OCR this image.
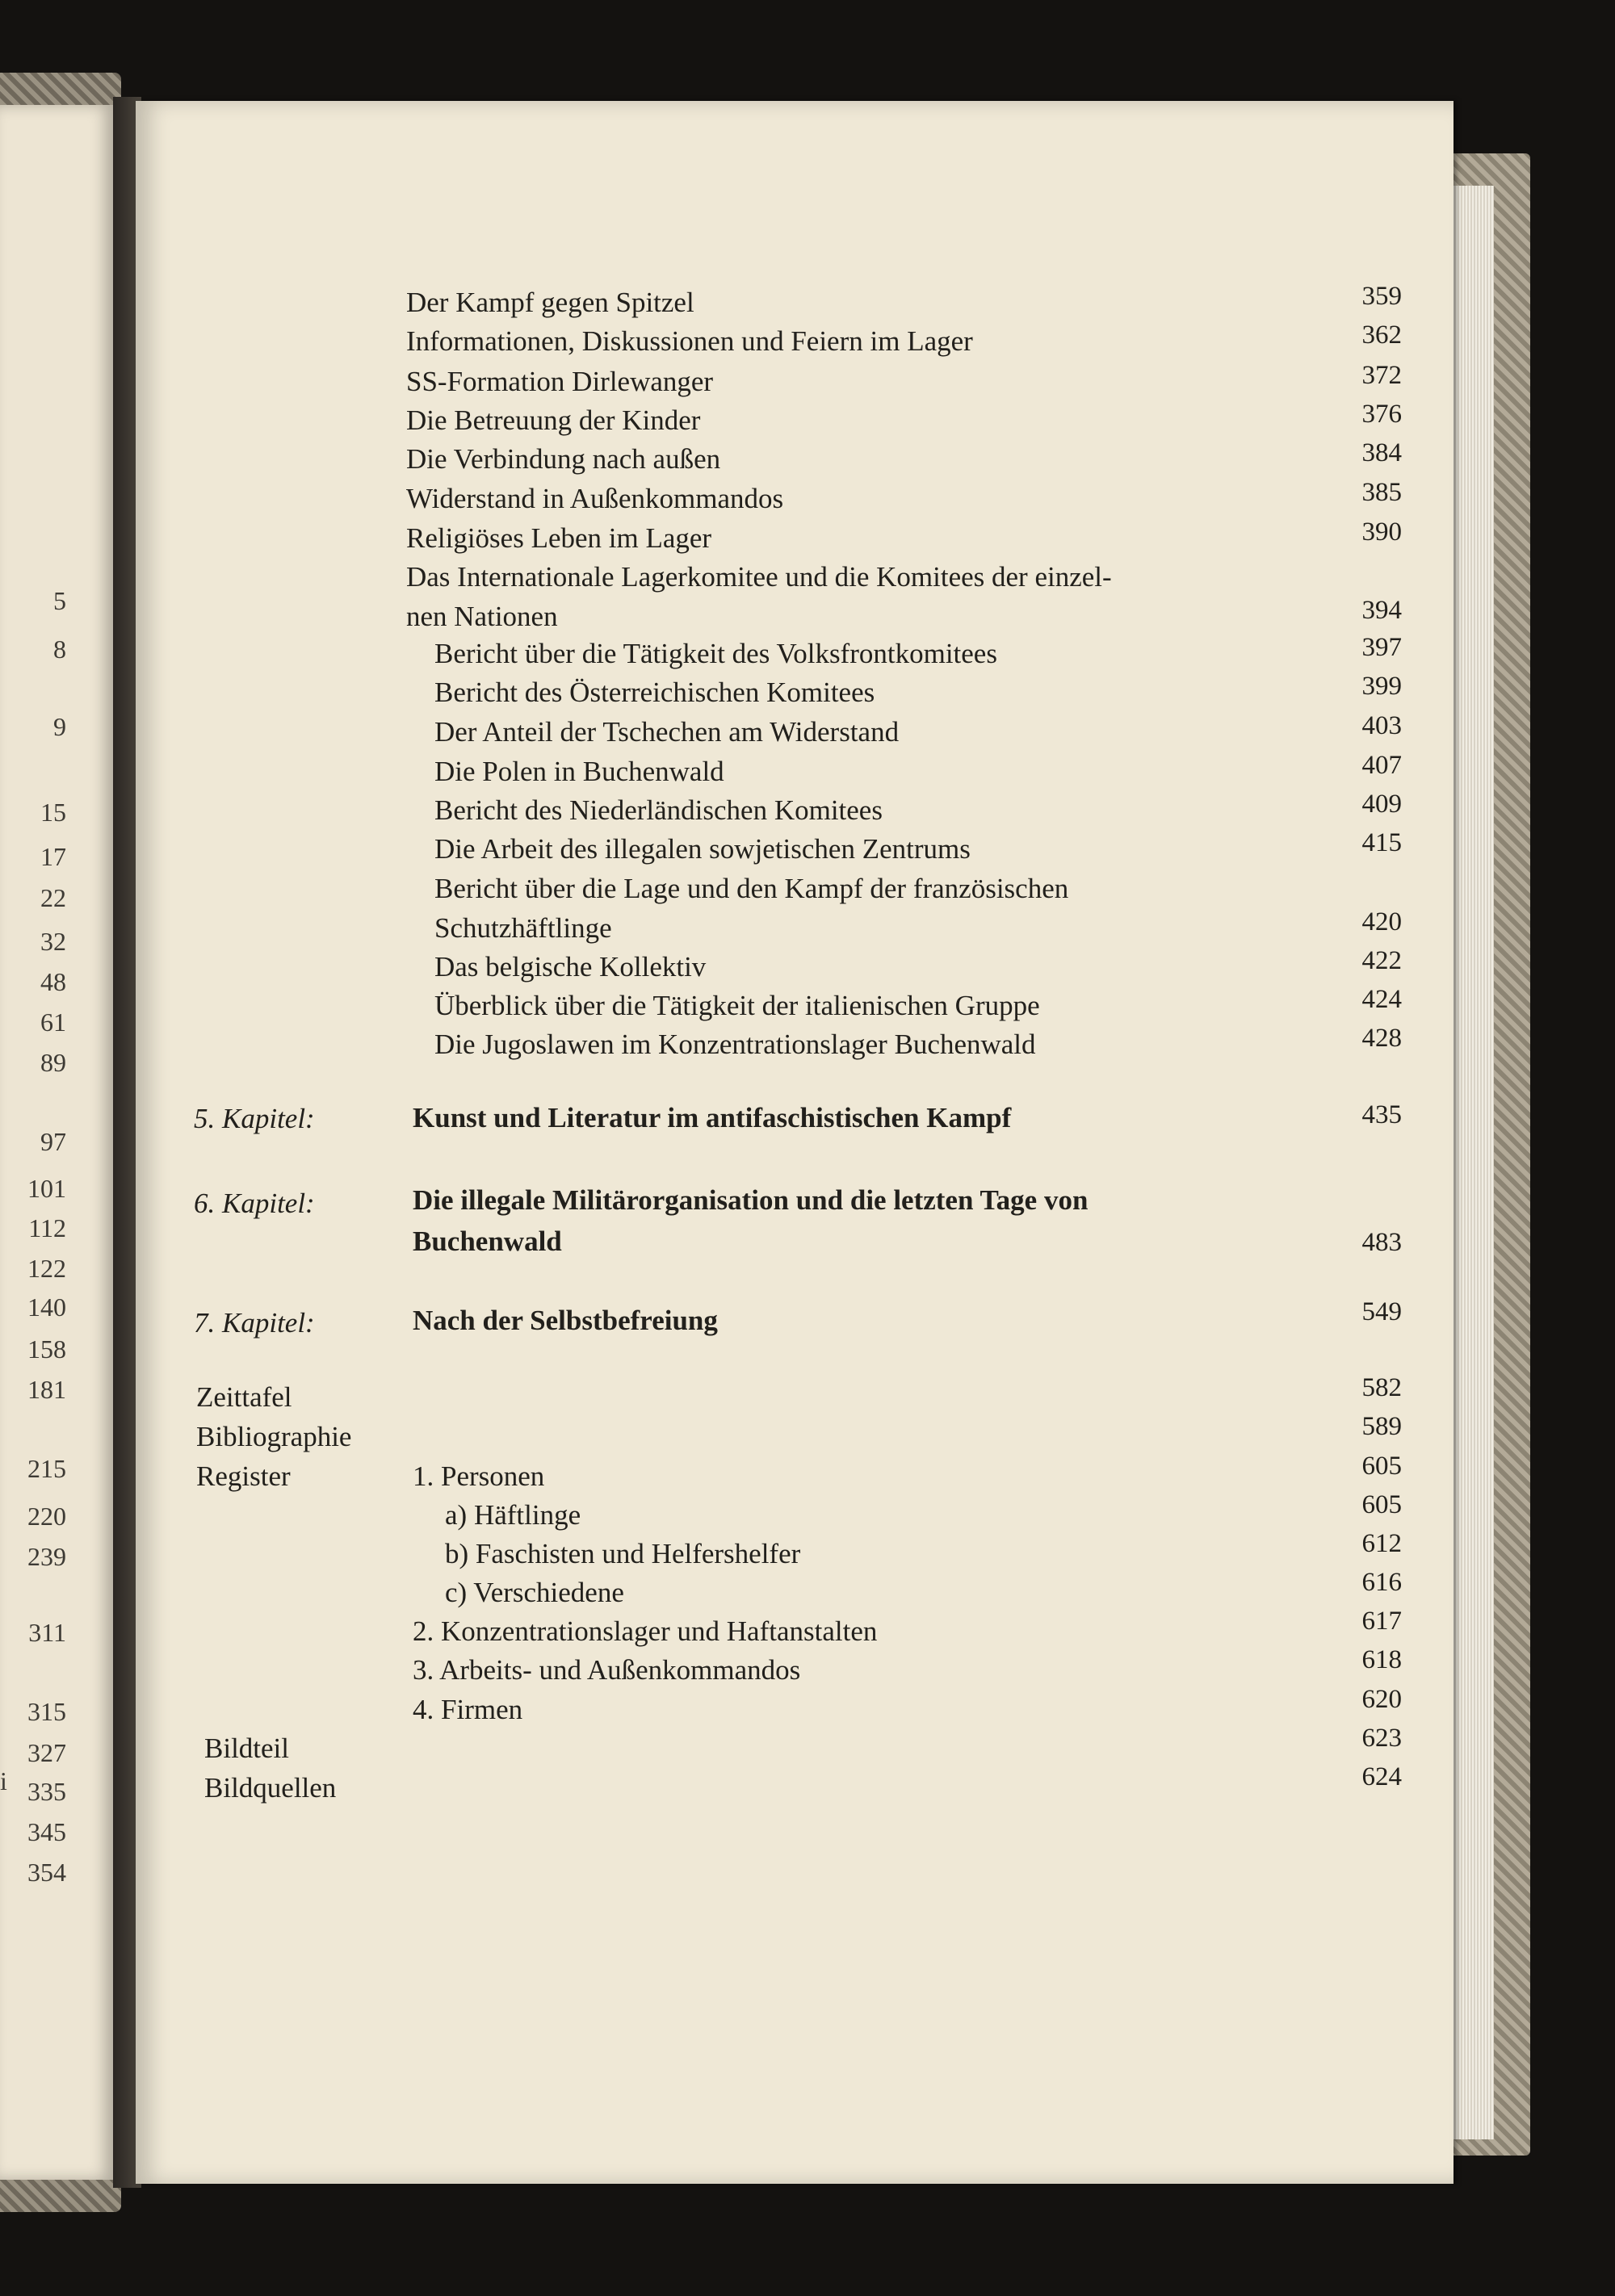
5
8
9
15
17
22
32
48
61
89
97
101
112
122
140
158
181
215
220
239
311
315
327
335
345
354
i
Der Kampf gegen Spitzel	359
Informationen, Diskussionen und Feiern im Lager	362
SS-Formation Dirlewanger	372
Die Betreuung der Kinder	376
Die Verbindung nach außen	384
Widerstand in Außenkommandos	385
Religiöses Leben im Lager	390
Das Internationale Lagerkomitee und die Komitees der einzel-
nen Nationen	394
Bericht über die Tätigkeit des Volksfrontkomitees	397
Bericht des Österreichischen Komitees	399
Der Anteil der Tschechen am Widerstand	403
Die Polen in Buchenwald	407
Bericht des Niederländischen Komitees	409
Die Arbeit des illegalen sowjetischen Zentrums	415
Bericht über die Lage und den Kampf der französischen
Schutzhäftlinge	420
Das belgische Kollektiv	422
Überblick über die Tätigkeit der italienischen Gruppe	424
Die Jugoslawen im Konzentrationslager Buchenwald	428
5. Kapitel:	Kunst und Literatur im antifaschistischen Kampf	435
6. Kapitel:	Die illegale Militärorganisation und die letzten Tage von
Buchenwald	483
7. Kapitel:	Nach der Selbstbefreiung	549
Zeittafel	582
Bibliographie	589
Register	1. Personen	605
a) Häftlinge	605
b) Faschisten und Helfershelfer	612
c) Verschiedene	616
2. Konzentrationslager und Haftanstalten	617
3. Arbeits- und Außenkommandos	618
4. Firmen	620
Bildteil	623
Bildquellen	624
